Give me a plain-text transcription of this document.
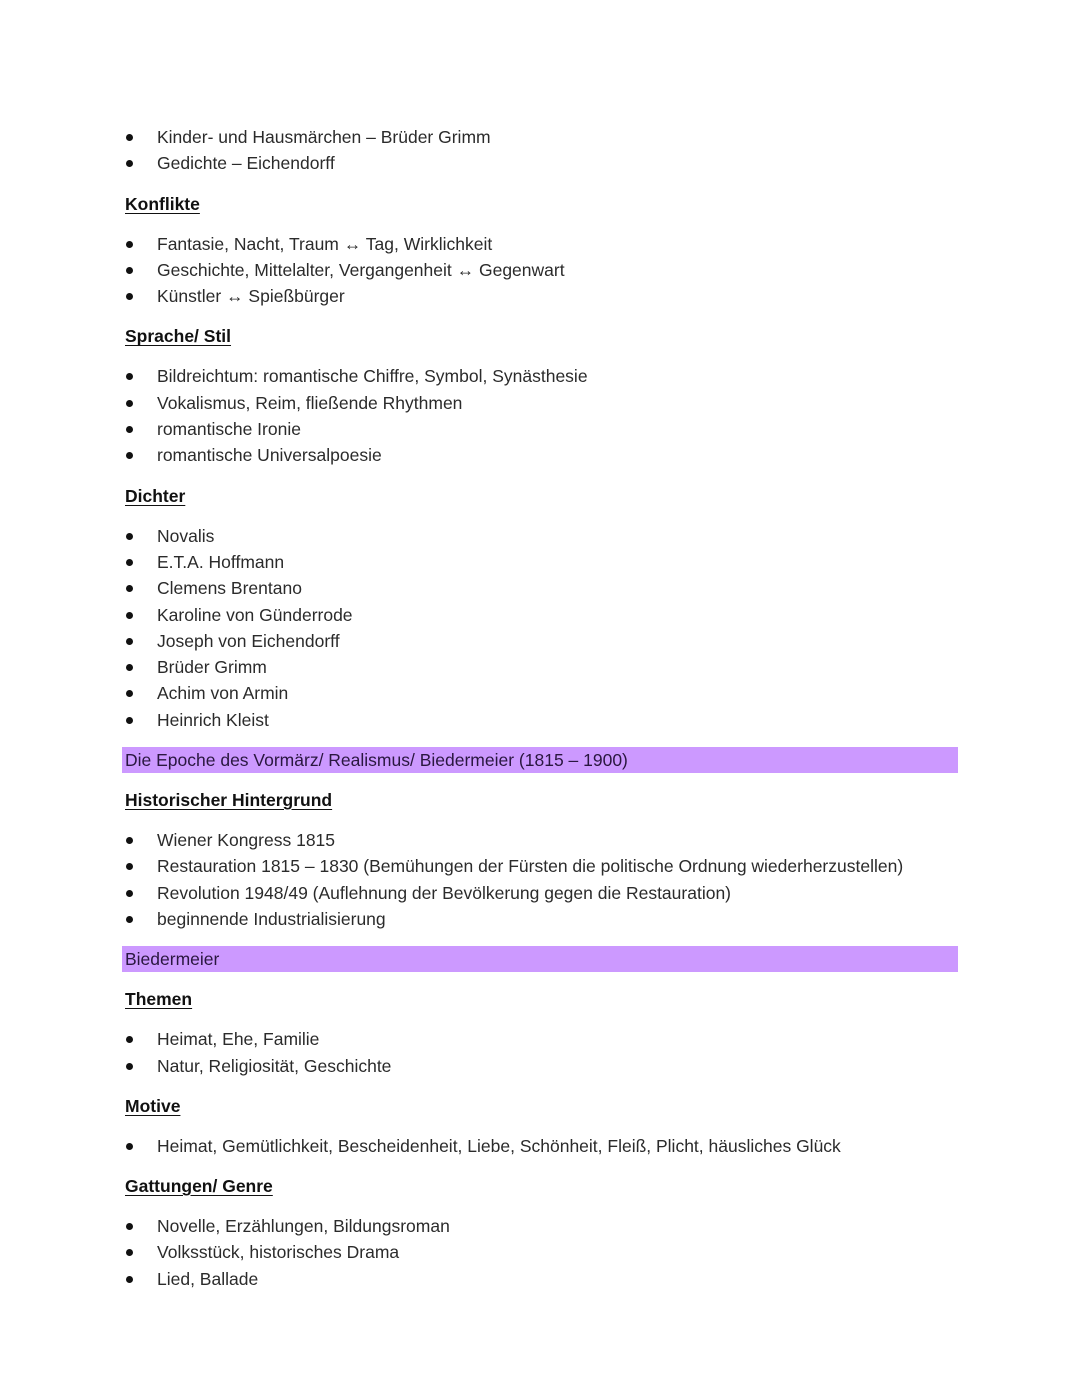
Kinder- und Hausmärchen – Brüder Grimm
Gedichte – Eichendorff
Konflikte
Fantasie, Nacht, Traum ↔ Tag, Wirklichkeit
Geschichte, Mittelalter, Vergangenheit ↔ Gegenwart
Künstler ↔ Spießbürger
Sprache/ Stil
Bildreichtum: romantische Chiffre, Symbol, Synästhesie
Vokalismus, Reim, fließende Rhythmen
romantische Ironie
romantische Universalpoesie
Dichter
Novalis
E.T.A. Hoffmann
Clemens Brentano
Karoline von Günderrode
Joseph von Eichendorff
Brüder Grimm
Achim von Armin
Heinrich Kleist
Die Epoche des Vormärz/ Realismus/ Biedermeier (1815 – 1900)
Historischer Hintergrund
Wiener Kongress 1815
Restauration 1815 – 1830 (Bemühungen der Fürsten die politische Ordnung wiederherzustellen)
Revolution 1948/49 (Auflehnung der Bevölkerung gegen die Restauration)
beginnende Industrialisierung
Biedermeier
Themen
Heimat, Ehe, Familie
Natur, Religiosität, Geschichte
Motive
Heimat, Gemütlichkeit, Bescheidenheit, Liebe, Schönheit, Fleiß, Plicht, häusliches Glück
Gattungen/ Genre
Novelle, Erzählungen, Bildungsroman
Volksstück, historisches Drama
Lied, Ballade
